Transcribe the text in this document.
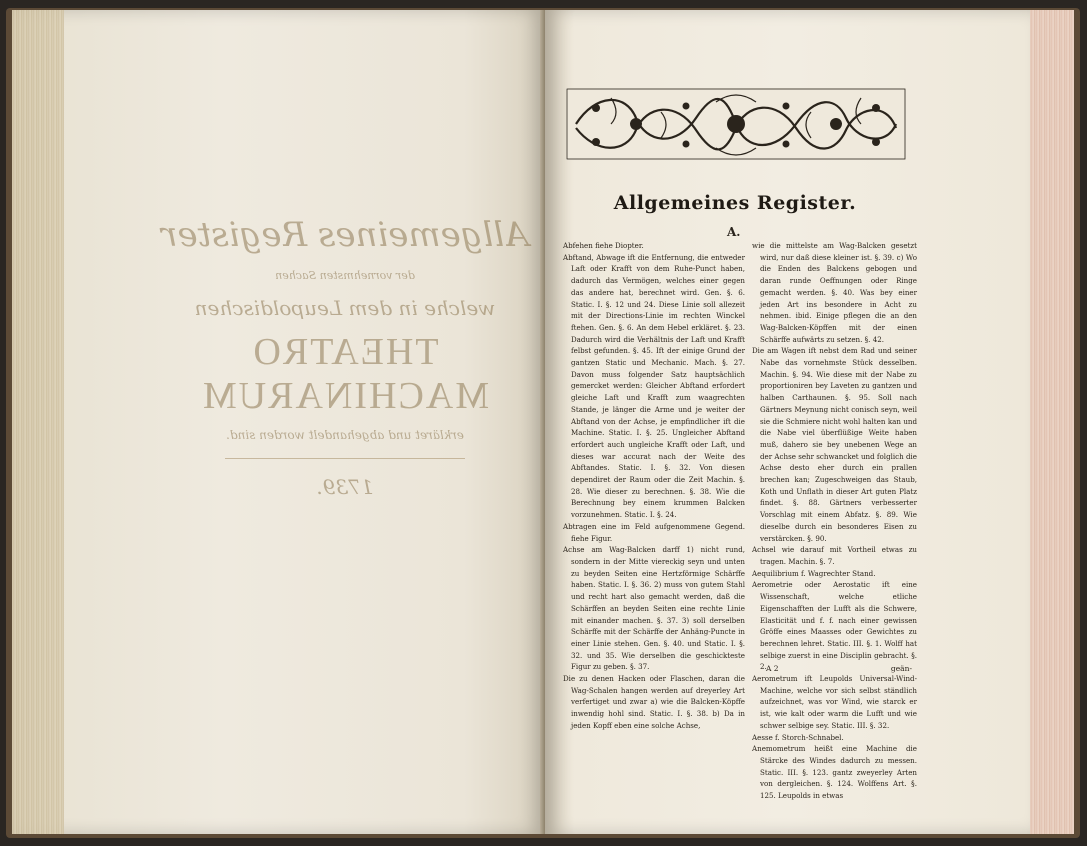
Allgemeines Register
der vornehmsten Sachen
welche in dem Leupoldischen
THEATRO MACHINARUM
erkläret und abgehandelt worden sind.
1739.
Allgemeines Register.
A.

Abfehen fiehe Diopter.

Abftand, Abwage ift die Entfernung, die entweder Laft oder Krafft von dem Ruhe-Punct haben, dadurch das Vermögen, welches einer gegen das andere hat, berechnet wird. Gen. §. 6. Static. I. §. 12 und 24. Diese Linie soll allezeit mit der Directions-Linie im rechten Winckel ftehen. Gen. §. 6. An dem Hebel erkläret. §. 23. Dadurch wird die Verhältnis der Laft und Krafft felbst gefunden. §. 45. Ift der einige Grund der gantzen Static und Mechanic. Mach. §. 27. Davon muss folgender Satz hauptsächlich gemercket werden: Gleicher Abftand erfordert gleiche Laft und Krafft zum waagrechten Stande, je länger die Arme und je weiter der Abftand von der Achse, je empfindlicher ift die Machine. Static. I. §. 25. Ungleicher Abftand erfordert auch ungleiche Krafft oder Laft, und dieses war accurat nach der Weite des Abftandes. Static. I. §. 32. Von diesen dependiret der Raum oder die Zeit Machin. §. 28. Wie dieser zu berechnen. §. 38. Wie die Berechnung bey einem krummen Balcken vorzunehmen. Static. I. §. 24.

Abtragen eine im Feld aufgenommene Gegend. fiehe Figur.

Achse am Wag-Balcken darff 1) nicht rund, sondern in der Mitte viereckig seyn und unten zu beyden Seiten eine Hertzförmige Schärffe haben. Static. I. §. 36. 2) muss von gutem Stahl und recht hart also gemacht werden, daß die Schärffen an beyden Seiten eine rechte Linie mit einander machen. §. 37. 3) soll derselben Schärffe mit der Schärffe der Anhäng-Puncte in einer Linie stehen. Gen. §. 40. und Static. I. §. 32. und 35. Wie derselben die geschickteste Figur zu geben. §. 37.

Die zu denen Hacken oder Flaschen, daran die Wag-Schalen hangen werden auf dreyerley Art verfertiget und zwar a) wie die Balcken-Köpffe inwendig hohl sind. Static. I. §. 38. b) Da in jeden Kopff eben eine solche Achse,

wie die mittelste am Wag-Balcken gesetzt wird, nur daß diese kleiner ist. §. 39. c) Wo die Enden des Balckens gebogen und daran runde Oeffnungen oder Ringe gemacht werden. §. 40. Was bey einer jeden Art ins besondere in Acht zu nehmen. ibid. Einige pflegen die an den Wag-Balcken-Köpffen mit der einen Schärffe aufwärts zu setzen. §. 42.

Die am Wagen ift nebst dem Rad und seiner Nabe das vornehmste Stück desselben. Machin. §. 94. Wie diese mit der Nabe zu proportioniren bey Laveten zu gantzen und halben Carthaunen. §. 95. Soll nach Gärtners Meynung nicht conisch seyn, weil sie die Schmiere nicht wohl halten kan und die Nabe viel überflüßige Weite haben muß, dahero sie bey unebenen Wege an der Achse sehr schwancket und folglich die Achse desto eher durch ein prallen brechen kan; Zugeschweigen das Staub, Koth und Unflath in dieser Art guten Platz findet. §. 88. Gärtners verbesserter Vorschlag mit einem Abfatz. §. 89. Wie dieselbe durch ein besonderes Eisen zu verstärcken. §. 90.

Achsel wie darauf mit Vortheil etwas zu tragen. Machin. §. 7.

Aequilibrium f. Wagrechter Stand.

Aerometrie oder Aerostatic ift eine Wissenschaft, welche etliche Eigenschafften der Lufft als die Schwere, Elasticität und f. f. nach einer gewissen Gröffe eines Maasses oder Gewichtes zu berechnen lehret. Static. III. §. 1. Wolff hat selbige zuerst in eine Disciplin gebracht. §. 2.

Aerometrum ift Leupolds Universal-Wind-Machine, welche vor sich selbst ständlich aufzeichnet, was vor Wind, wie starck er ist, wie kalt oder warm die Lufft und wie schwer selbige sey. Static. III. §. 32.

Aesse f. Storch-Schnabel.

Anemometrum heißt eine Machine die Stärcke des Windes dadurch zu messen. Static. III. §. 123. gantz zweyerley Arten von dergleichen. §. 124. Wolffens Art. §. 125. Leupolds in etwas

A 2	geän-
